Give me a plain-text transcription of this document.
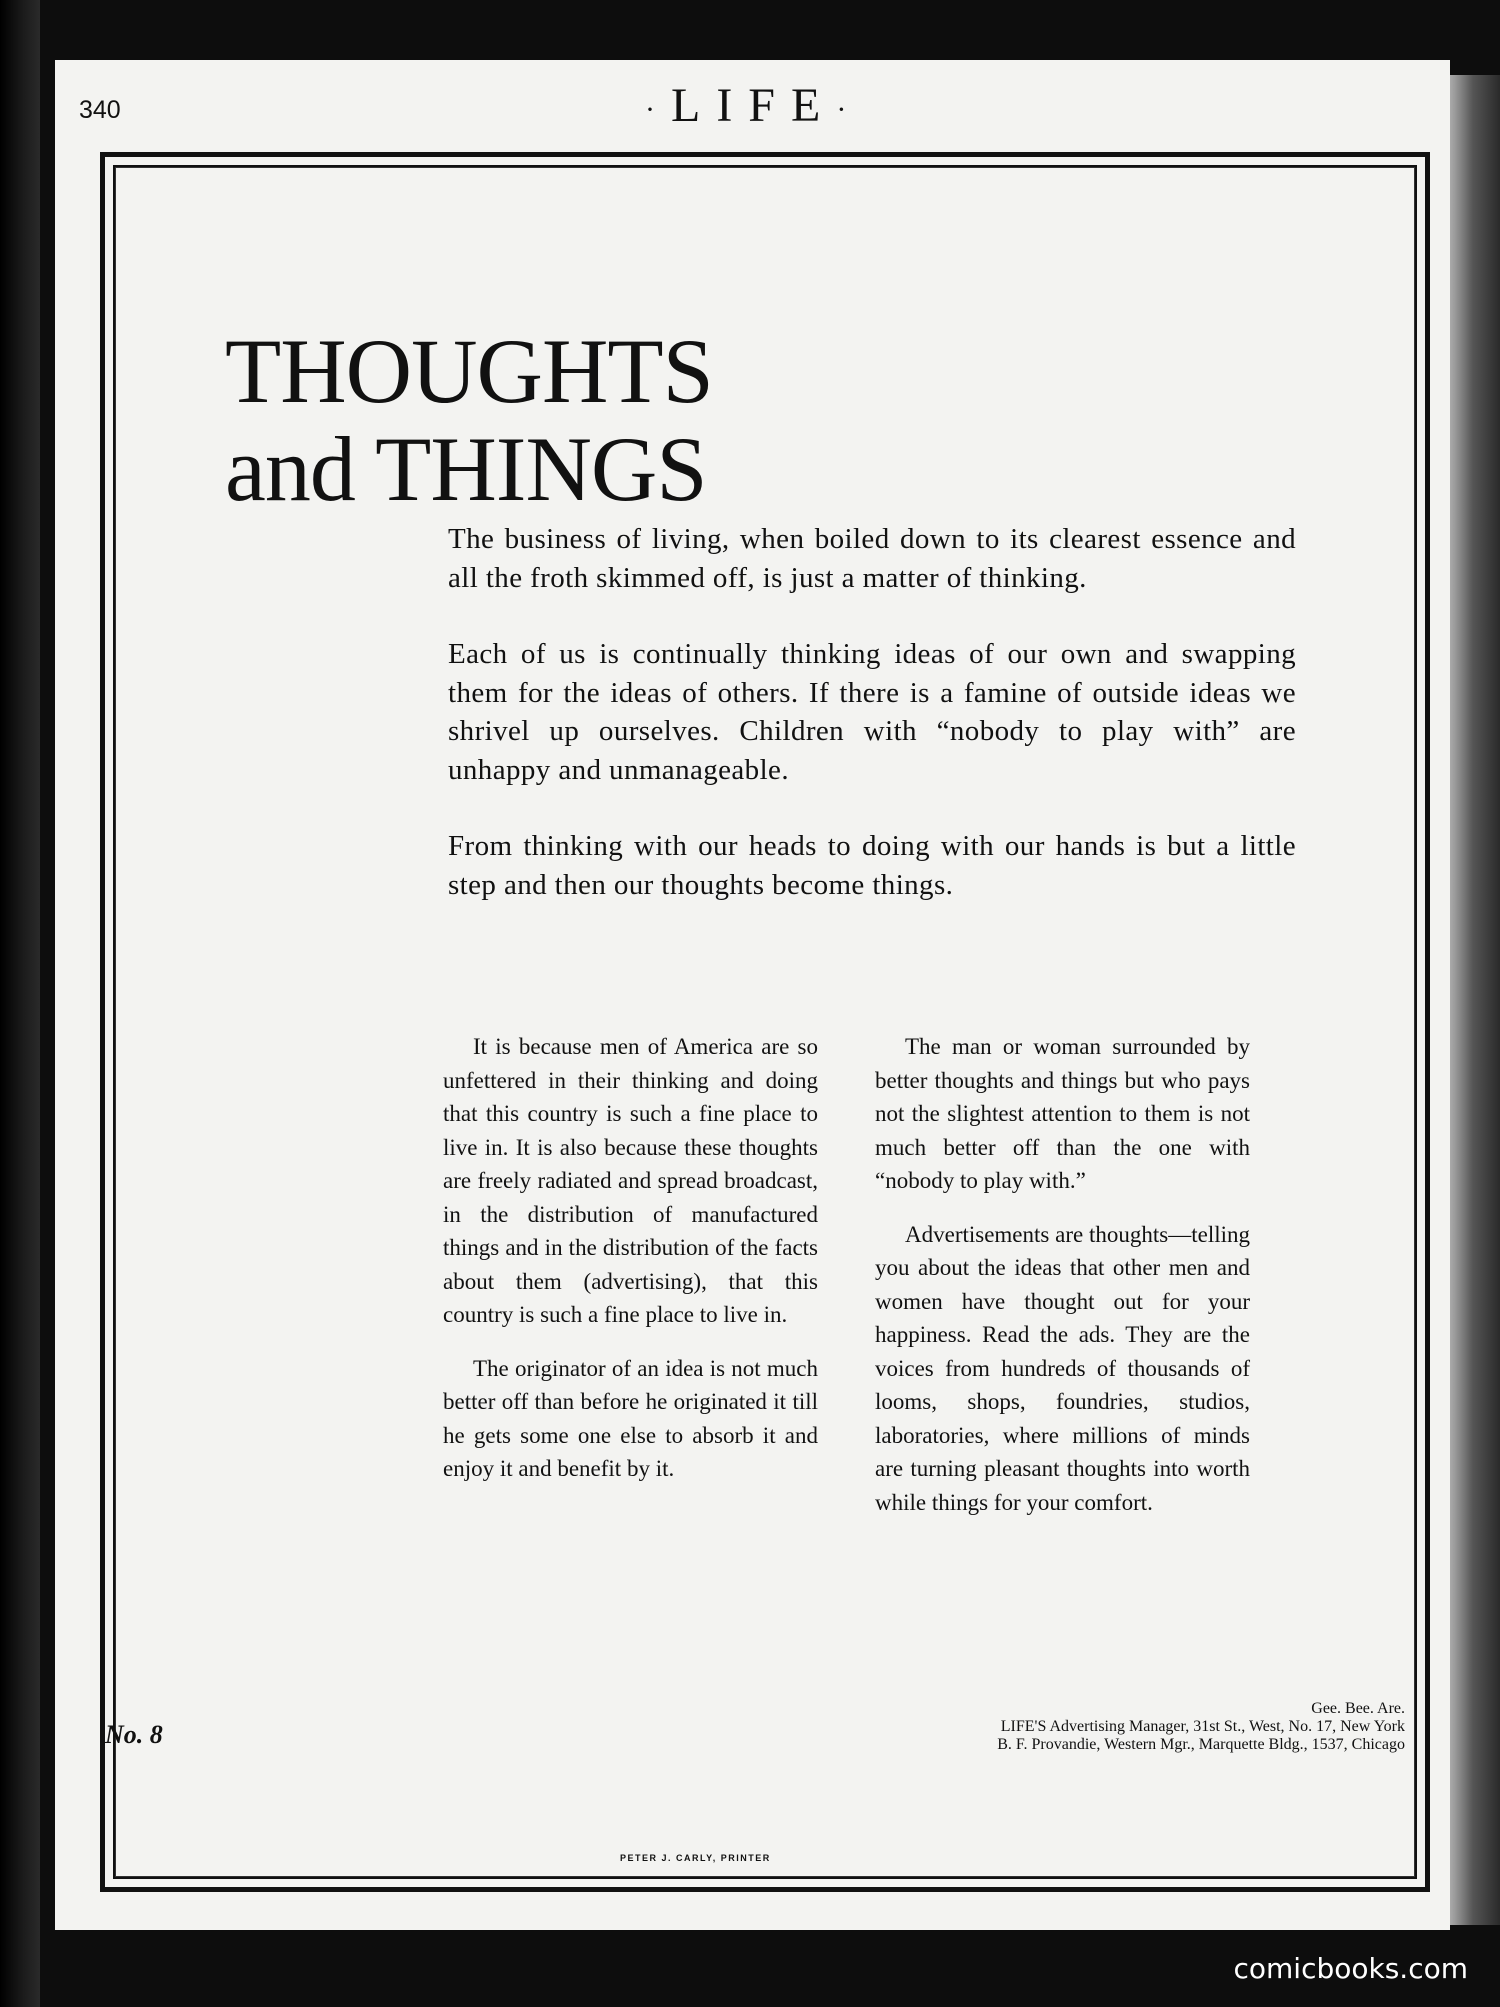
340	·LIFE·
THOUGHTS
and THINGS

The business of living, when boiled down to its clearest essence and all the froth skimmed off, is just a matter of thinking.

Each of us is continually thinking ideas of our own and swapping them for the ideas of others. If there is a famine of outside ideas we shrivel up ourselves. Children with “nobody to play with” are unhappy and unmanageable.

From thinking with our heads to doing with our hands is but a little step and then our thoughts become things.

It is because men of America are so unfettered in their thinking and doing that this country is such a fine place to live in. It is also because these thoughts are freely radiated and spread broadcast, in the distribution of manufactured things and in the distribution of the facts about them (advertising), that this country is such a fine place to live in.

The originator of an idea is not much better off than before he originated it till he gets some one else to absorb it and enjoy it and benefit by it.

The man or woman surrounded by better thoughts and things but who pays not the slightest attention to them is not much better off than the one with “nobody to play with.”

Advertisements are thoughts—telling you about the ideas that other men and women have thought out for your happiness. Read the ads. They are the voices from hundreds of thousands of looms, shops, foundries, studios, laboratories, where millions of minds are turning pleasant thoughts into worth while things for your comfort.

No. 8
Gee. Bee. Are.
LIFE'S Advertising Manager, 31st St., West, No. 17, New York
B. F. Provandie, Western Mgr., Marquette Bldg., 1537, Chicago
PETER J. CARLY, PRINTER
comicbooks.com
